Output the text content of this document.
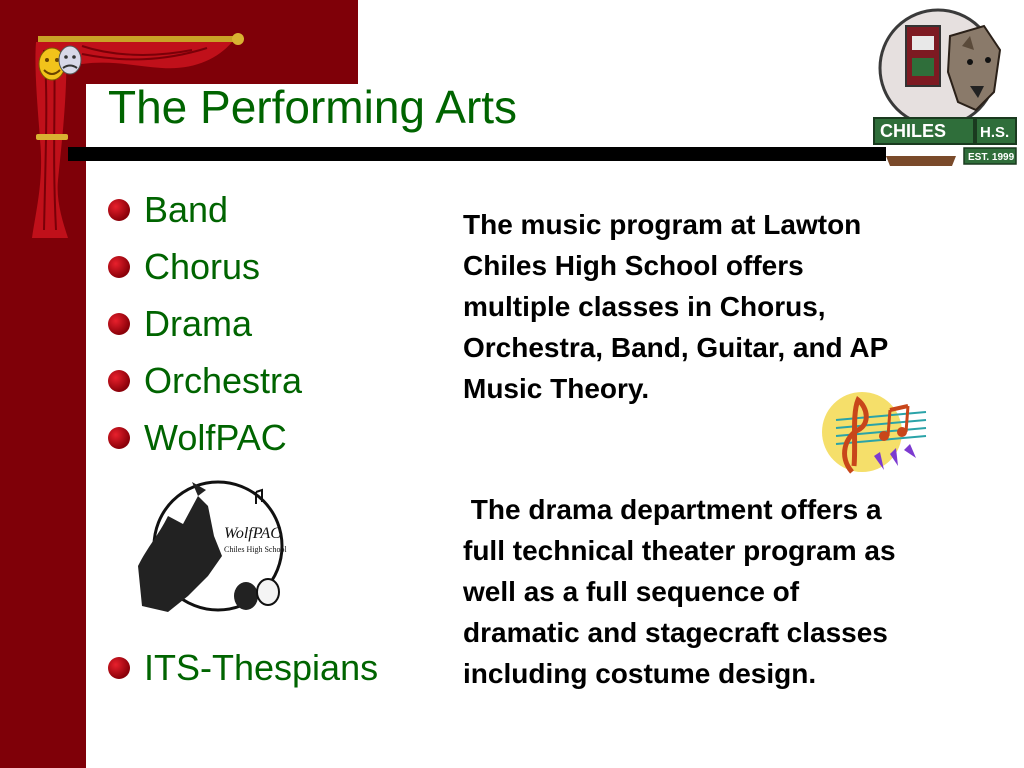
The Performing Arts	CHILES H.S.
EST. 1999
Band
Chorus
Drama
Orchestra
WolfPAC
ITS-Thespians
WolfPAC
Chiles High School

The music program at Lawton Chiles High School offers multiple classes in Chorus, Orchestra, Band, Guitar, and AP Music Theory.

The drama department offers a full technical theater program as well as a full sequence of dramatic and stagecraft classes including costume design.
